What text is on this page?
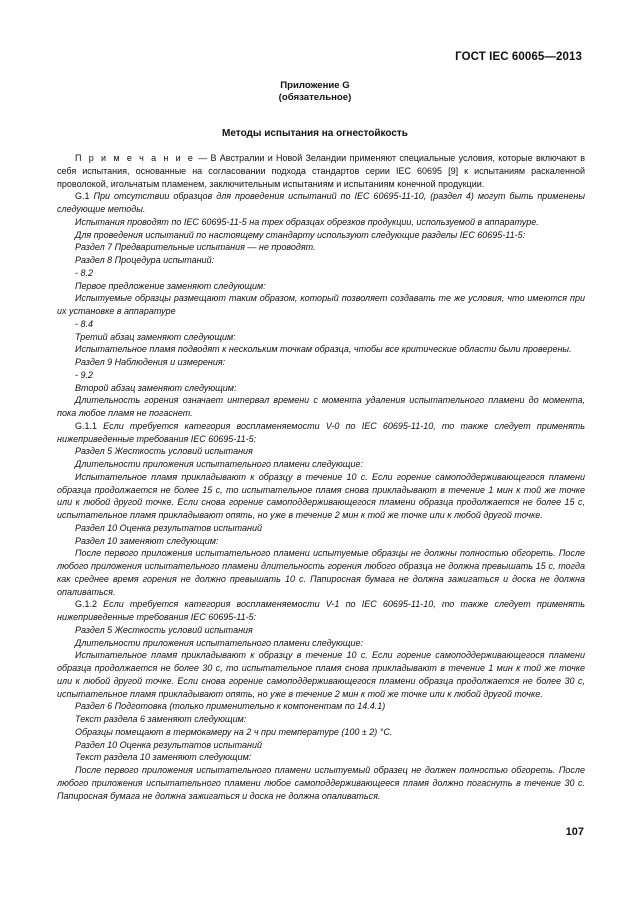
ГОСТ IEC 60065—2013
Приложение G
(обязательное)
Методы испытания на огнестойкость

П р и м е ч а н и е — В Австралии и Новой Зеландии применяют специальные условия, которые включают в себя испытания, основанные на согласовании подхода стандартов серии IEC 60695 [9] к испытаниям раскаленной проволокой, игольчатым пламенем, заключительным испытаниям и испытаниям конечной продукции.

G.1 При отсутствии образцов для проведения испытаний по IEC 60695-11-10, (раздел 4) могут быть применены следующие методы.

Испытания проводят по IEC 60695-11-5 на трех образцах обрезков продукции, используемой в аппаратуре.

Для проведения испытаний по настоящему стандарту используют следующие разделы IEC 60695-11-5:

Раздел 7 Предварительные испытания — не проводят.

Раздел 8 Процедура испытаний:

- 8.2

Первое предложение заменяют следующим:

Испытуемые образцы размещают таким образом, который позволяет создавать те же условия, что имеются при их установке в аппаратуре

- 8.4

Третий абзац заменяют следующим:

Испытательное пламя подводят к нескольким точкам образца, чтобы все критические области были проверены.

Раздел 9 Наблюдения и измерения:

- 9.2

Второй абзац заменяют следующим:

Длительность горения означает интервал времени с момента удаления испытательного пламени до момента, пока любое пламя не погаснет.

G.1.1 Если требуется категория воспламеняемости V-0 по IEC 60695-11-10, то также следует применять нижеприведенные требования IEC 60695-11-5:

Раздел 5 Жесткость условий испытания

Длительности приложения испытательного пламени следующие:

Испытательное пламя прикладывают к образцу в течение 10 с. Если горение самоподдерживающегося пламени образца продолжается не более 15 с, то испытательное пламя снова прикладывают в течение 1 мин к той же точке или к любой другой точке. Если снова горение самоподдерживающегося пламени образца продолжается не более 15 с, испытательное пламя прикладывают опять, но уже в течение 2 мин к той же точке или к любой другой точке.

Раздел 10 Оценка результатов испытаний

Раздел 10 заменяют следующим:

После первого приложения испытательного пламени испытуемые образцы не должны полностью обгореть. После любого приложения испытательного пламени длительность горения любого образца не должна превышать 15 с, тогда как среднее время горения не должно превышать 10 с. Папиросная бумага не должна зажигаться и доска не должна опаливаться.

G.1.2 Если требуется категория воспламеняемости V-1 по IEC 60695-11-10, то также следует применять нижеприведенные требования IEC 60695-11-5:

Раздел 5 Жесткость условий испытания

Длительности приложения испытательного пламени следующие:

Испытательное пламя прикладывают к образцу в течение 10 с. Если горение самоподдерживающегося пламени образца продолжается не более 30 с, то испытательное пламя снова прикладывают в течение 1 мин к той же точке или к любой другой точке. Если снова горение самоподдерживающегося пламени образца продолжается не более 30 с, испытательное пламя прикладывают опять, но уже в течение 2 мин к той же точке или к любой другой точке.

Раздел 6 Подготовка (только применительно к компонентам по 14.4.1)

Текст раздела 6 заменяют следующим:

Образцы помещают в термокамеру на 2 ч при температуре (100 ± 2) °С.

Раздел 10 Оценка результатов испытаний

Текст раздела 10 заменяют следующим:

После первого приложения испытательного пламени испытуемый образец не должен полностью обгореть. После любого приложения испытательного пламени любое самоподдерживающееся пламя должно погаснуть в течение 30 с. Папиросная бумага не должна зажигаться и доска не должна опаливаться.

107
